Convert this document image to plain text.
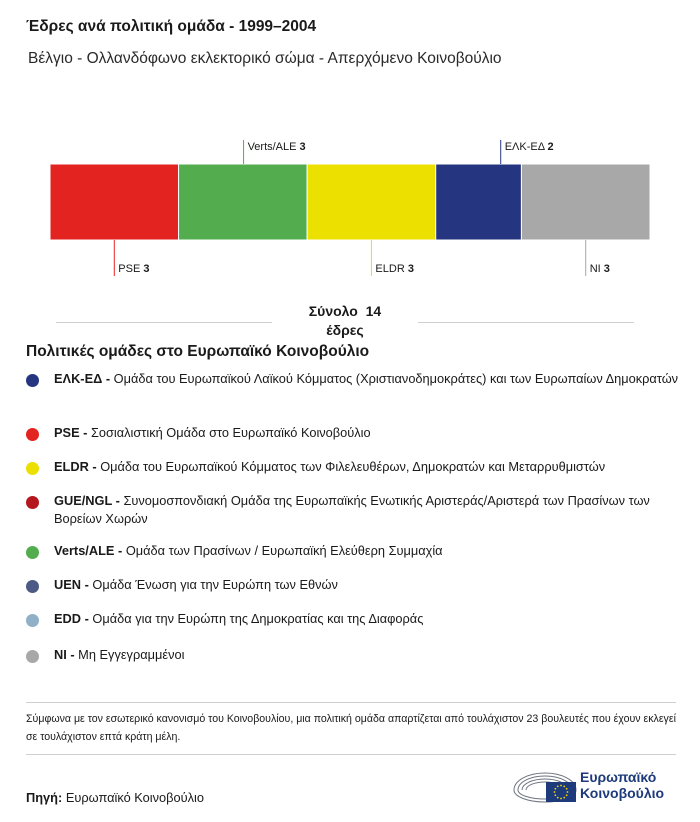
Έδρες ανά πολιτική ομάδα - 1999–2004
Βέλγιο - Ολλανδόφωνο εκλεκτορικό σώμα - Απερχόμενο Κοινοβούλιο
PSE 3
Verts/ALE 3
ELDR 3
ΕΛΚ-ΕΔ 2
NI 3
Σύνολο 14
έδρες
Πολιτικές ομάδες στο Ευρωπαϊκό Κοινοβούλιο
ΕΛΚ-ΕΔ - Ομάδα του Ευρωπαϊκού Λαϊκού Κόμματος (Χριστιανοδημοκράτες) και των Ευρωπαίων Δημοκρατών
PSE - Σοσιαλιστική Ομάδα στο Ευρωπαϊκό Κοινοβούλιο
ELDR - Ομάδα του Ευρωπαϊκού Κόμματος των Φιλελευθέρων, Δημοκρατών και Μεταρρυθμιστών
GUE/NGL - Συνομοσπονδιακή Ομάδα της Ευρωπαϊκής Ενωτικής Αριστεράς/Αριστερά των Πρασίνων των Βορείων Χωρών
Verts/ALE - Ομάδα των Πρασίνων / Ευρωπαϊκή Ελεύθερη Συμμαχία
UEN - Ομάδα Ένωση για την Ευρώπη των Εθνών
EDD - Ομάδα για την Ευρώπη της Δημοκρατίας και της Διαφοράς
NI - Μη Εγγεγραμμένοι
Σύμφωνα με τον εσωτερικό κανονισμό του Κοινοβουλίου, μια πολιτική ομάδα απαρτίζεται από τουλάχιστον 23 βουλευτές που έχουν εκλεγεί σε τουλάχιστον επτά κράτη μέλη.
Πηγή: Ευρωπαϊκό Κοινοβούλιο
Ευρωπαϊκό
Κοινοβούλιο
